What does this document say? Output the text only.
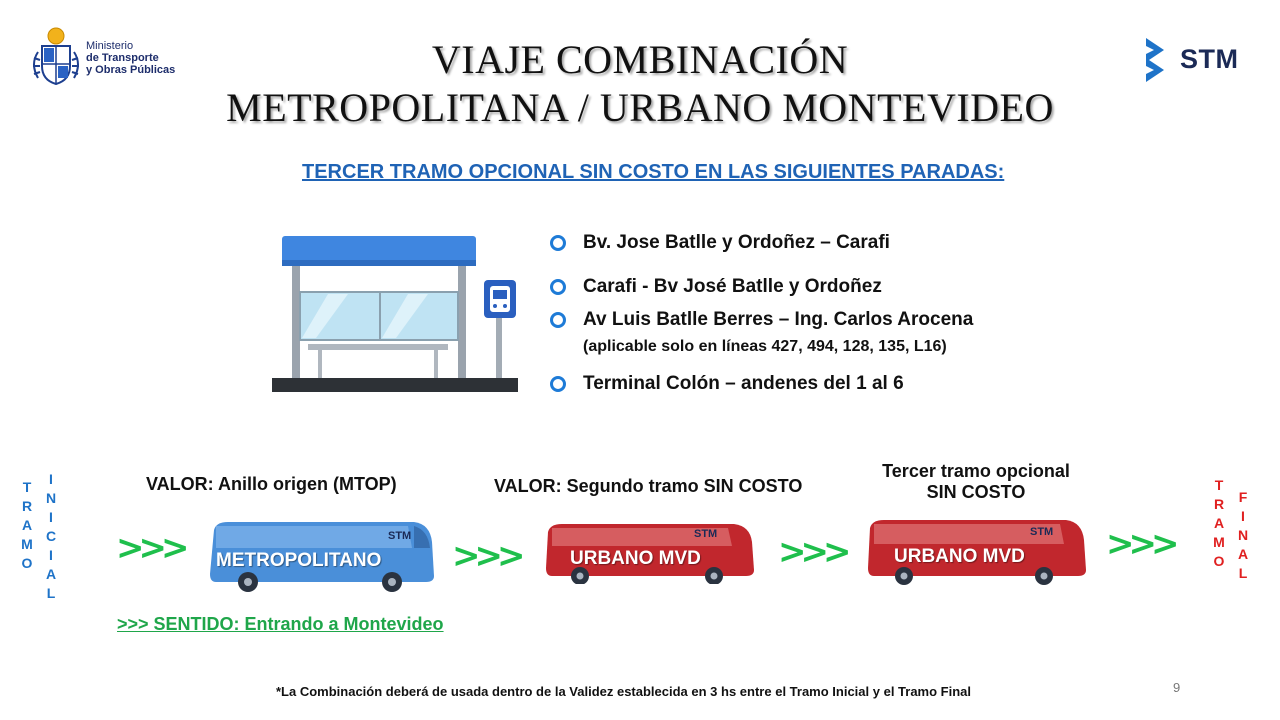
Ministerio
de Transporte
y Obras Públicas	VIAJE COMBINACIÓN
METROPOLITANA / URBANO MONTEVIDEO
STM
TERCER TRAMO OPCIONAL SIN COSTO EN LAS SIGUIENTES PARADAS:
Bv. Jose Batlle y Ordoñez – Carafi
Carafi - Bv José Batlle y Ordoñez
Av Luis Batlle Berres – Ing. Carlos Arocena
(aplicable solo en líneas 427, 494, 128, 135, L16)
Terminal Colón – andenes del 1 al 6
T
R
A
M
O
I
N
I
C
I
A
L
T
R
A
M
O
F
I
N
A
L
>>>	>>>	>>>	>>>
VALOR: Anillo origen (MTOP)	VALOR: Segundo tramo SIN COSTO
Tercer tramo opcional
SIN COSTO
STM
METROPOLITANO
STM
URBANO MVD
STM
URBANO MVD
>>> SENTIDO: Entrando a Montevideo
*La Combinación deberá de usada dentro de la Validez establecida en 3 hs entre el Tramo Inicial y el Tramo Final	9
